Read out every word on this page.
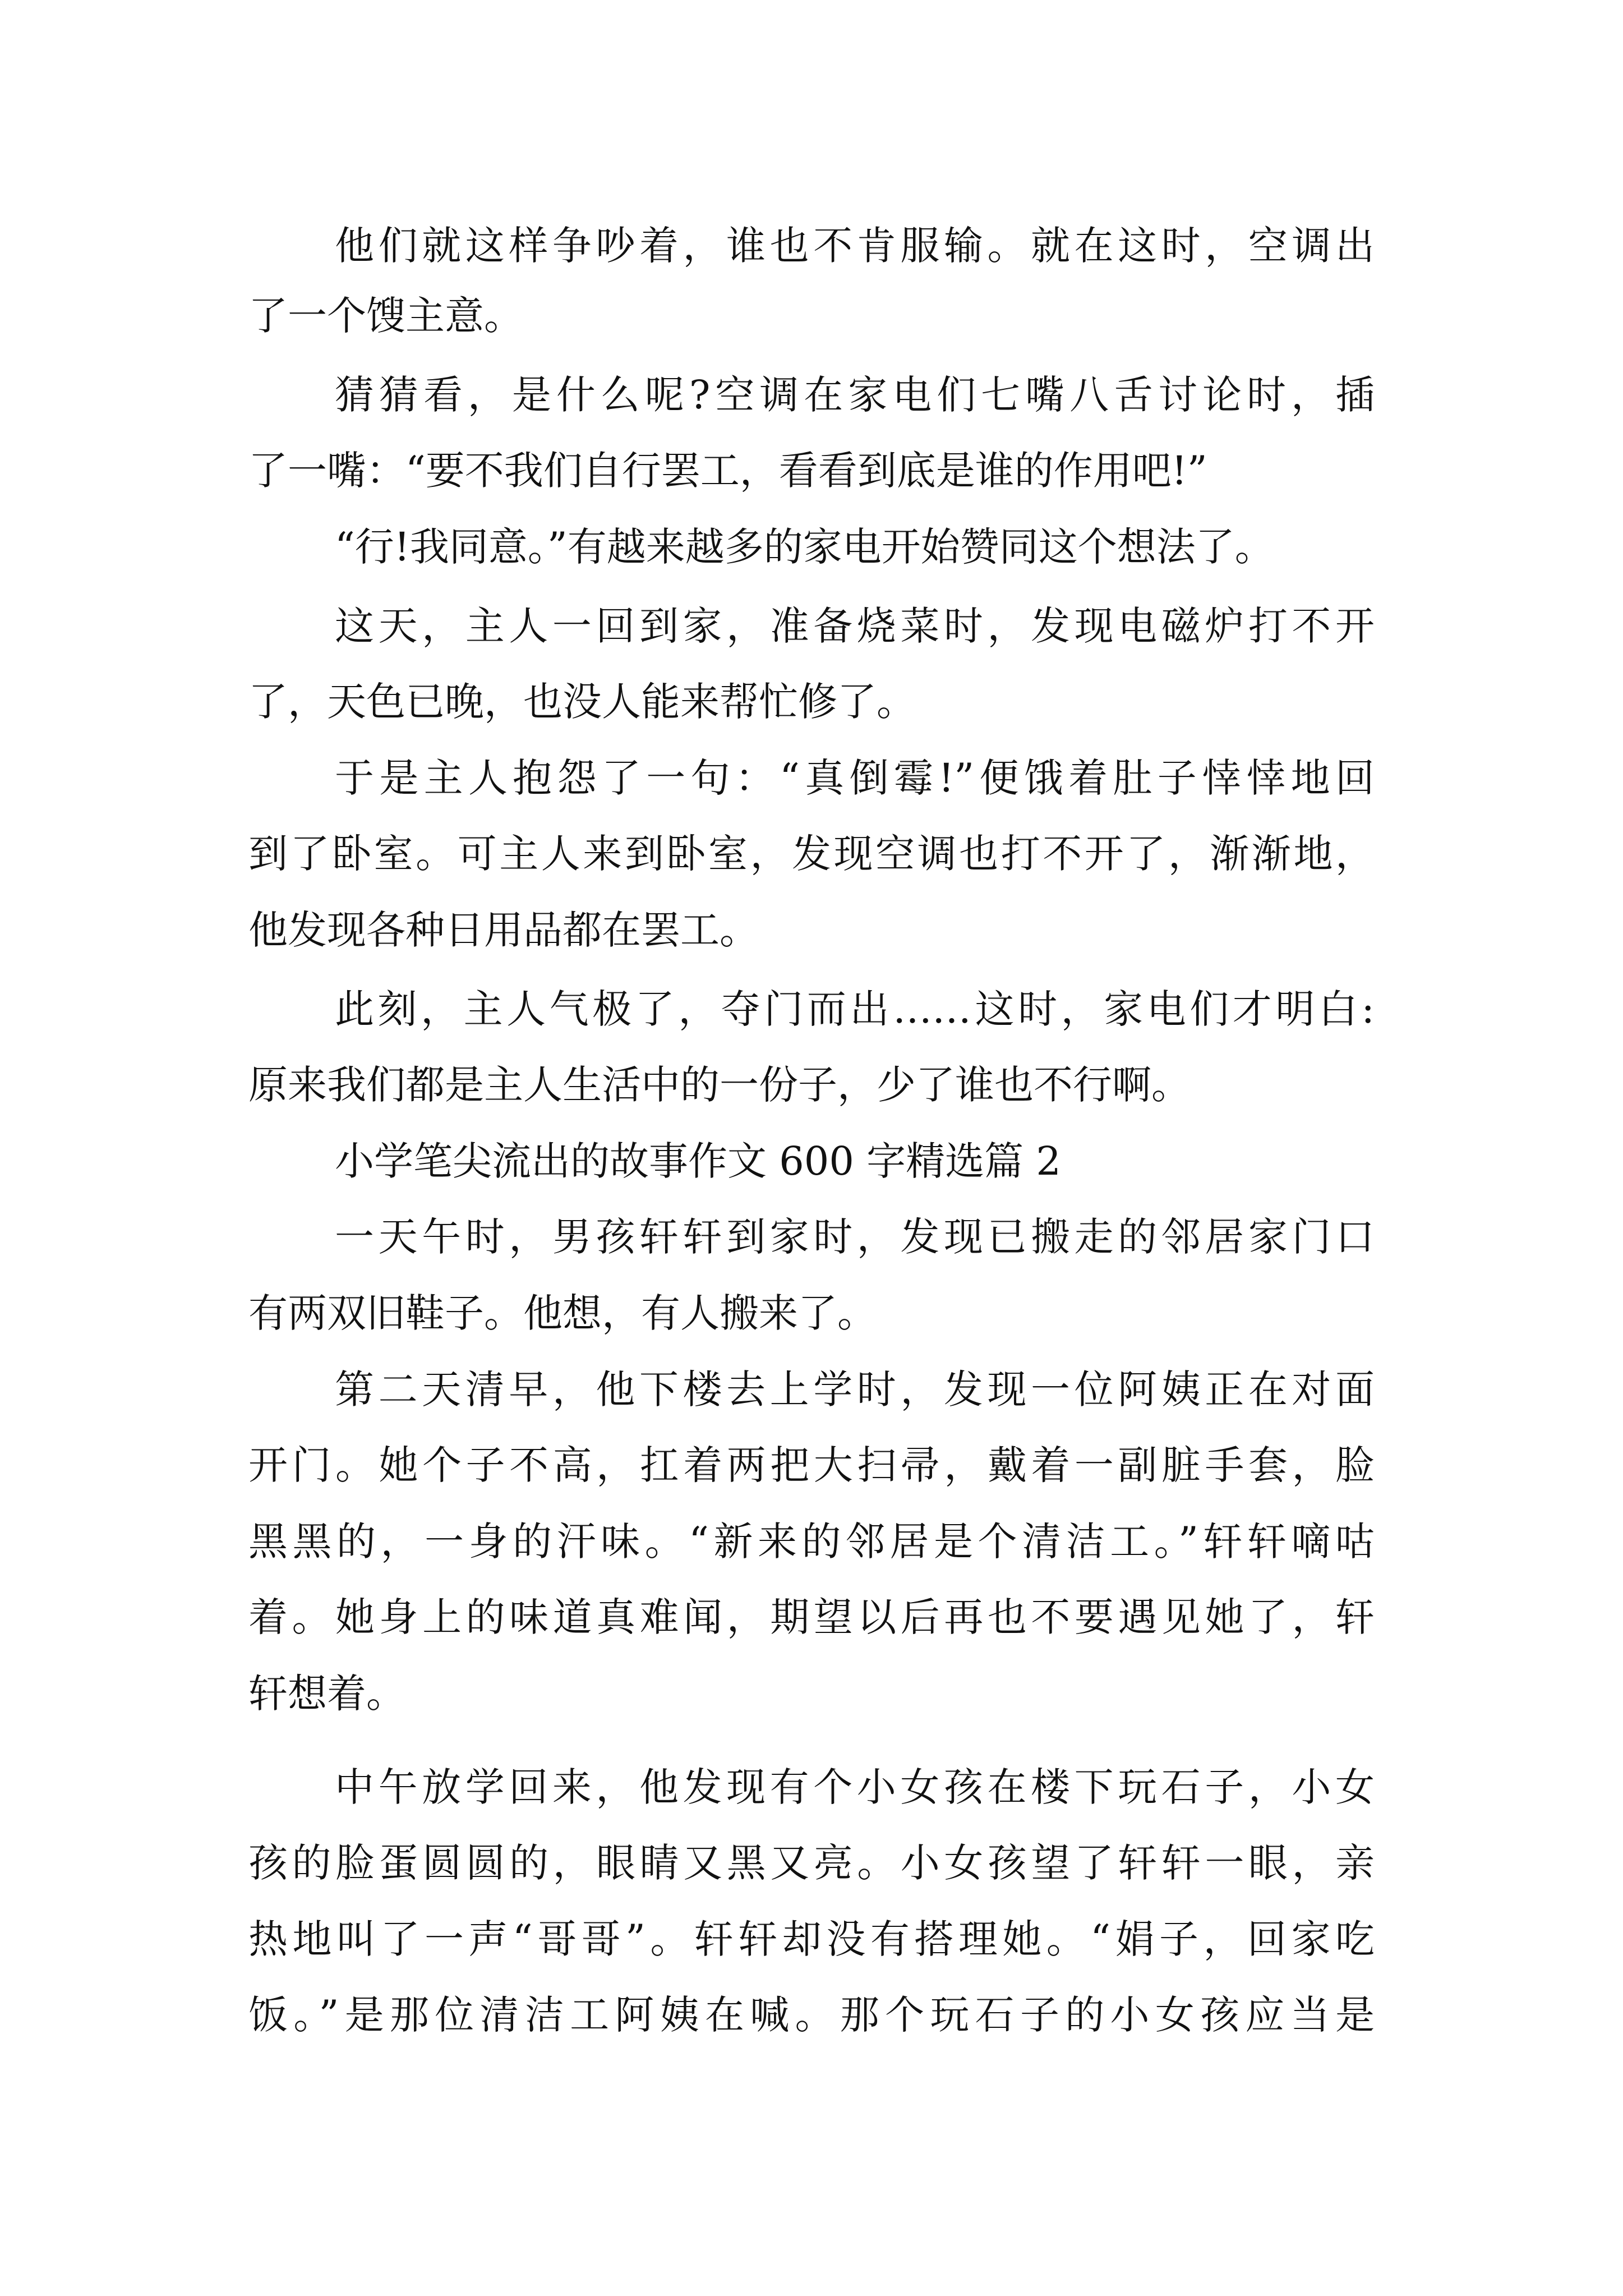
他们就这样争吵着，谁也不肯服输。就在这时，空调出
了一个馊主意。
猜猜看，是什么呢?空调在家电们七嘴八舌讨论时，插
了一嘴：“要不我们自行罢工，看看到底是谁的作用吧!”
“行!我同意。”有越来越多的家电开始赞同这个想法了。
这天，主人一回到家，准备烧菜时，发现电磁炉打不开
了，天色已晚，也没人能来帮忙修了。
于是主人抱怨了一句：“真倒霉!”便饿着肚子悻悻地回
到了卧室。可主人来到卧室，发现空调也打不开了，渐渐地，
他发现各种日用品都在罢工。
此刻，主人气极了，夺门而出……这时，家电们才明白:
原来我们都是主人生活中的一份子，少了谁也不行啊。
小学笔尖流出的故事作文 600 字精选篇 2
一天午时，男孩轩轩到家时，发现已搬走的邻居家门口
有两双旧鞋子。他想，有人搬来了。
第二天清早，他下楼去上学时，发现一位阿姨正在对面
开门。她个子不高，扛着两把大扫帚，戴着一副脏手套，脸
黑黑的，一身的汗味。“新来的邻居是个清洁工。”轩轩嘀咕
着。她身上的味道真难闻，期望以后再也不要遇见她了，轩
轩想着。
中午放学回来，他发现有个小女孩在楼下玩石子，小女
孩的脸蛋圆圆的，眼睛又黑又亮。小女孩望了轩轩一眼，亲
热地叫了一声“哥哥”。轩轩却没有搭理她。“娟子，回家吃
饭。”是那位清洁工阿姨在喊。那个玩石子的小女孩应当是
